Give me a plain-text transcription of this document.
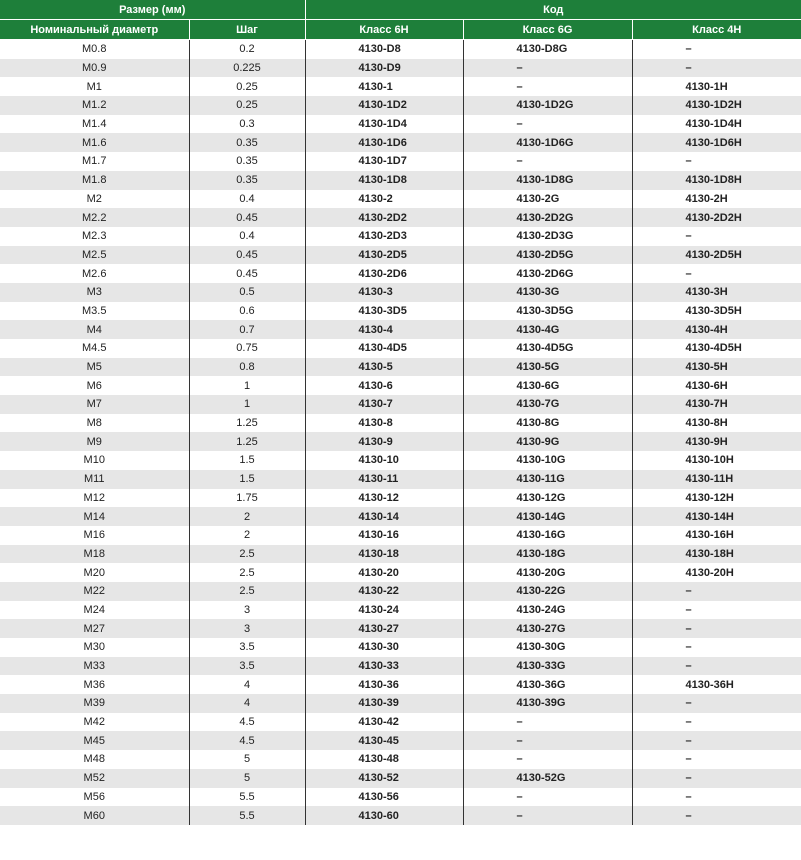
Размер (мм)		Код		
Номинальный диаметр	Шаг	Класс 6H	Класс 6G	Класс 4H
M0.8	0.2	4130-D8	4130-D8G	–
M0.9	0.225	4130-D9	–	–
M1	0.25	4130-1	–	4130-1H
M1.2	0.25	4130-1D2	4130-1D2G	4130-1D2H
M1.4	0.3	4130-1D4	–	4130-1D4H
M1.6	0.35	4130-1D6	4130-1D6G	4130-1D6H
M1.7	0.35	4130-1D7	–	–
M1.8	0.35	4130-1D8	4130-1D8G	4130-1D8H
M2	0.4	4130-2	4130-2G	4130-2H
M2.2	0.45	4130-2D2	4130-2D2G	4130-2D2H
M2.3	0.4	4130-2D3	4130-2D3G	–
M2.5	0.45	4130-2D5	4130-2D5G	4130-2D5H
M2.6	0.45	4130-2D6	4130-2D6G	–
M3	0.5	4130-3	4130-3G	4130-3H
M3.5	0.6	4130-3D5	4130-3D5G	4130-3D5H
M4	0.7	4130-4	4130-4G	4130-4H
M4.5	0.75	4130-4D5	4130-4D5G	4130-4D5H
M5	0.8	4130-5	4130-5G	4130-5H
M6	1	4130-6	4130-6G	4130-6H
M7	1	4130-7	4130-7G	4130-7H
M8	1.25	4130-8	4130-8G	4130-8H
M9	1.25	4130-9	4130-9G	4130-9H
M10	1.5	4130-10	4130-10G	4130-10H
M11	1.5	4130-11	4130-11G	4130-11H
M12	1.75	4130-12	4130-12G	4130-12H
M14	2	4130-14	4130-14G	4130-14H
M16	2	4130-16	4130-16G	4130-16H
M18	2.5	4130-18	4130-18G	4130-18H
M20	2.5	4130-20	4130-20G	4130-20H
M22	2.5	4130-22	4130-22G	–
M24	3	4130-24	4130-24G	–
M27	3	4130-27	4130-27G	–
M30	3.5	4130-30	4130-30G	–
M33	3.5	4130-33	4130-33G	–
M36	4	4130-36	4130-36G	4130-36H
M39	4	4130-39	4130-39G	–
M42	4.5	4130-42	–	–
M45	4.5	4130-45	–	–
M48	5	4130-48	–	–
M52	5	4130-52	4130-52G	–
M56	5.5	4130-56	–	–
M60	5.5	4130-60	–	–
